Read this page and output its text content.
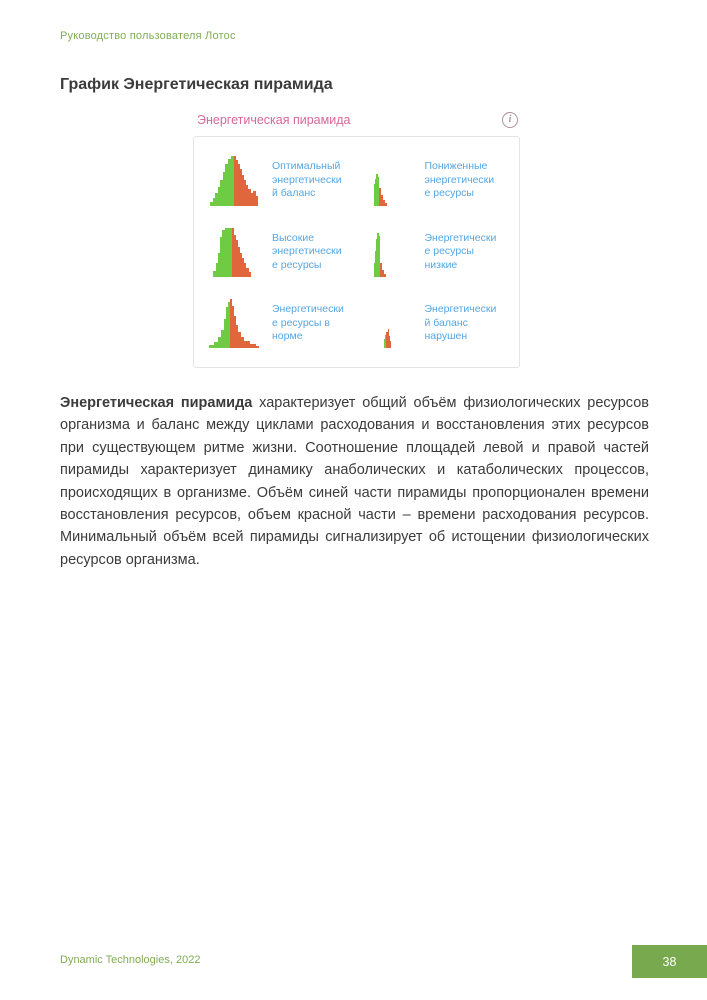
Руководство пользователя Лотос
График Энергетическая пирамида
Энергетическая пирамида	i
Оптимальный
энергетически
й баланс
Пониженные
энергетически
е ресурсы
Высокие
энергетически
е ресурсы
Энергетически
е ресурсы
низкие
Энергетически
е ресурсы в
норме
Энергетически
й баланс
нарушен

Энергетическая пирамида характеризует общий объём физиологических ресурсов организма и баланс между циклами расходования и восстановления этих ресурсов при существующем ритме жизни. Соотношение площадей левой и правой частей пирамиды характеризует динамику анаболических и катаболических процессов, происходящих в организме. Объём синей части пирамиды пропорционален времени восстановления ресурсов, объем красной части – времени расходования ресурсов. Минимальный объём всей пирамиды сигнализирует об истощении физиологических ресурсов организма.

Dynamic Technologies, 2022	38
